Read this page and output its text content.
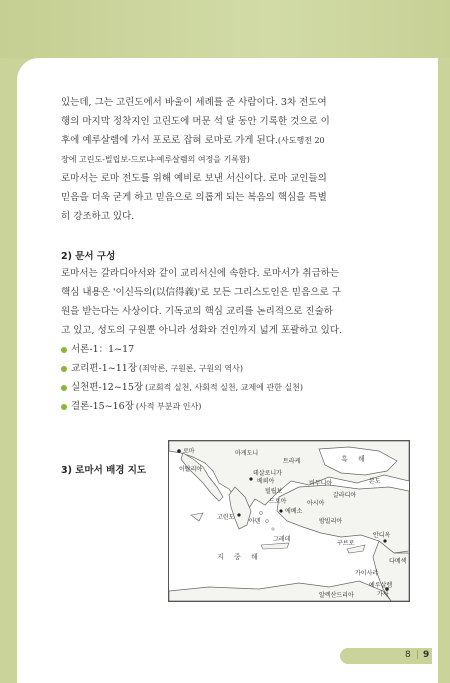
있는데, 그는 고린도에서 바울이 세례를 준 사람이다. 3차 전도여
행의 마지막 정착지인 고린도에 머문 석 달 동안 기록한 것으로 이
후에 예루살렘에 가서 포로로 잡혀 로마로 가게 된다.(사도행전 20
장에 고린도-빌립보-드로냐-예루살렘의 여정을 기록함)

로마서는 로마 전도를 위해 예비로 보낸 서신이다. 로마 교인들의
믿음을 더욱 굳게 하고 믿음으로 의롭게 되는 복음의 핵심을 특별
히 강조하고 있다.

2) 문서 구성

로마서는 갈라디아서와 같이 교리서신에 속한다. 로마서가 취급하는
핵심 내용은 '이신득의(以信得義)'로 모든 그리스도인은 믿음으로 구
원을 받는다는 사상이다. 기독교의 핵심 교리를 논리적으로 진술하
고 있고, 성도의 구원뿐 아니라 성화와 건인까지 넓게 포괄하고 있다.

서론-1：1~17
교리편-1~11장 (죄악론, 구원론, 구원의 역사)
실천편-12~15장 (교회적 실천, 사회적 실천, 교제에 관한 실천)
결론-15~16장 (사적 부분과 인사)
3) 로마서 배경 지도
로마	마게도니
트라케	흑 해
이탈리아
데살로니가
베뢰아	비두니아	본도
빌립보
갈라디아
드로아	아시아
에베소
고린도
아덴	밤빌리아
그레데
구브로
지 중 해
안디옥
다메섹
가이사랴
예루살렘
가사
알렉산드리아
8 | 9
